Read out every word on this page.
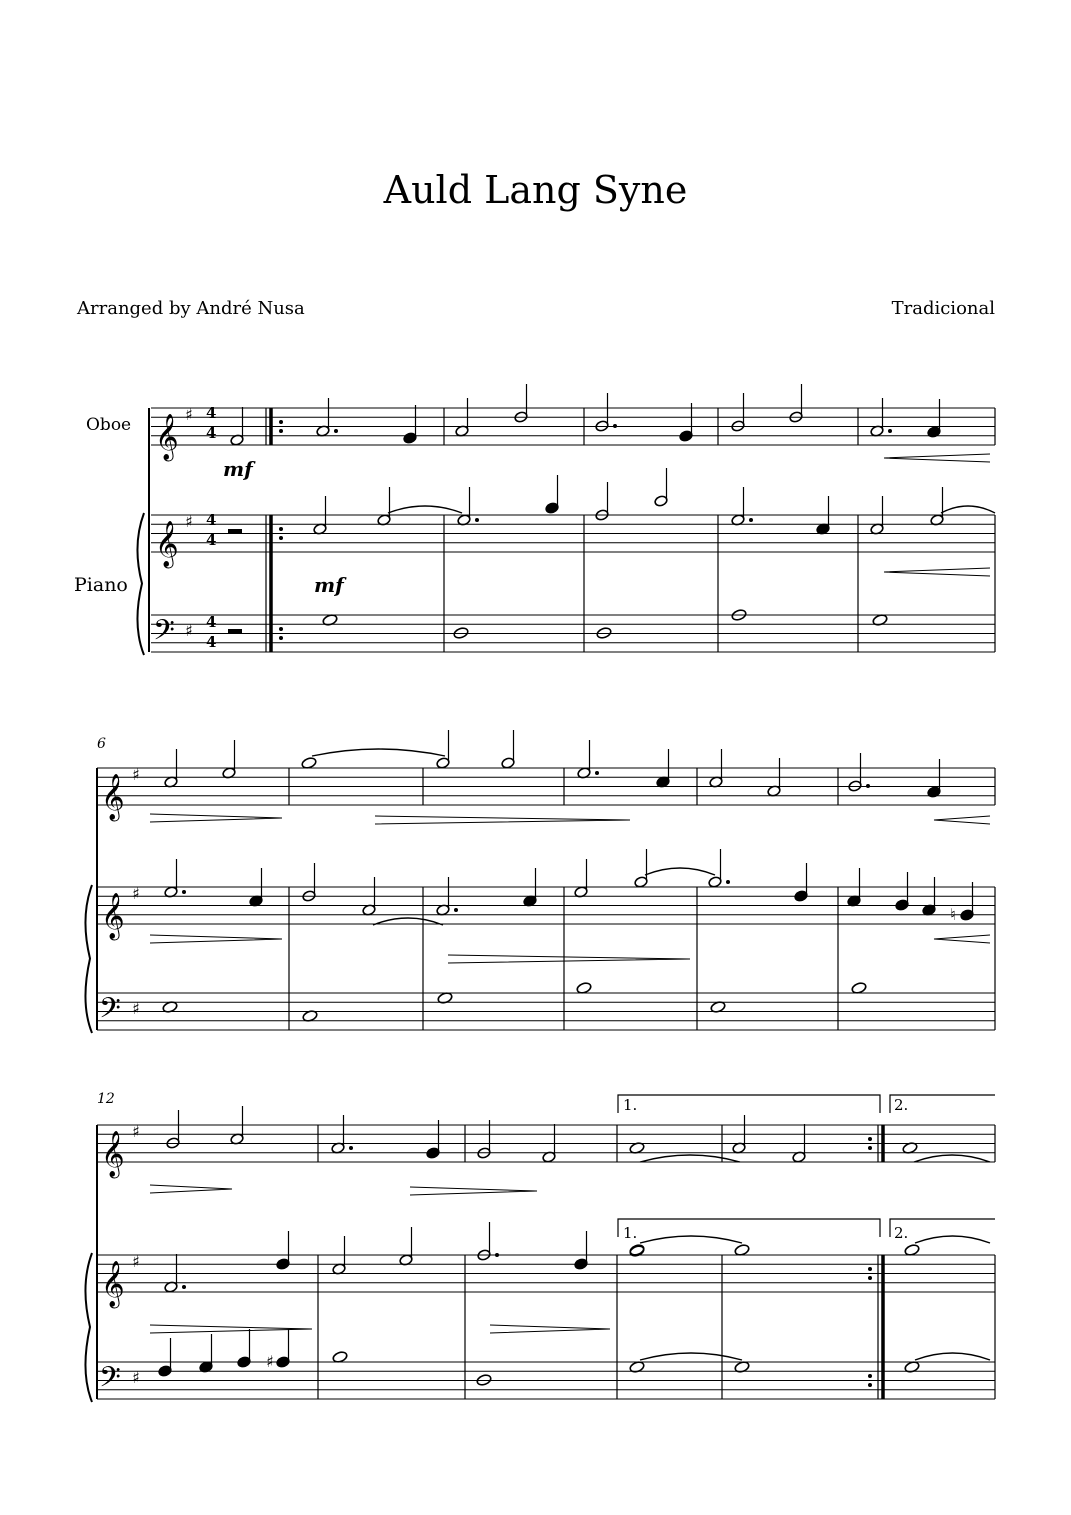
Auld Lang Syne
Arranged by André Nusa	Tradicional
𝄞
𝄞
𝄢
♯
♯
♯
𝄞
𝄞
𝄢
♯
♯
♯
♮
𝄞
𝄞
𝄢
♯
♯
♯
♯
Oboe
Piano
6
12
mf
mf
4
4
4
4
4
4
1.	2.
1.	2.
